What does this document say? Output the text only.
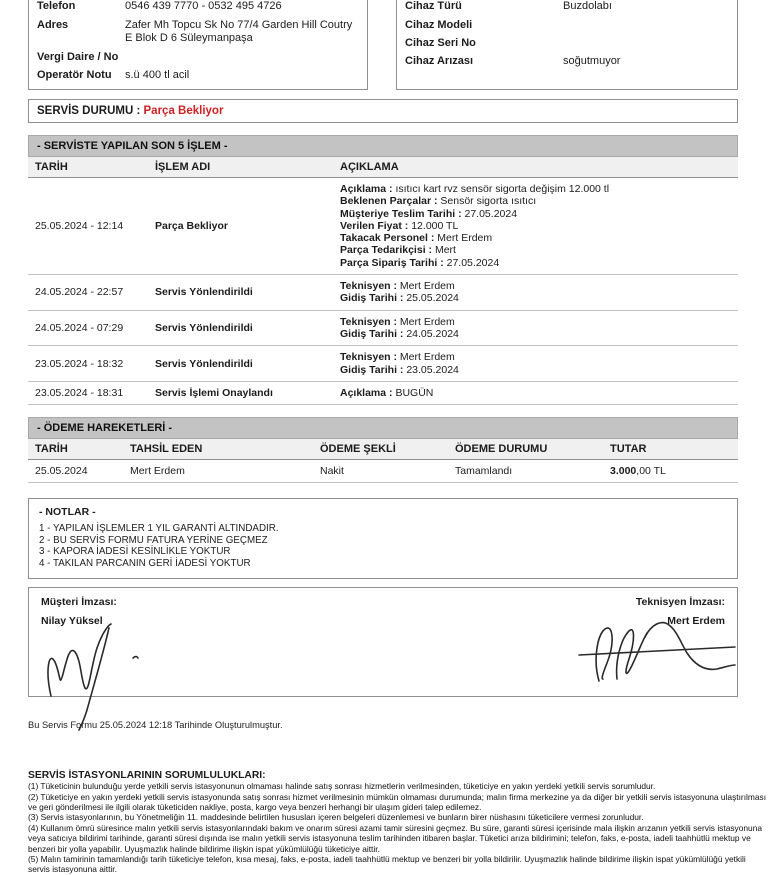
Telefon	0546 439 7770 - 0532 495 4726
Adres	Zafer Mh Topcu Sk No 77/4 Garden Hill Coutry E Blok D 6 Süleymanpaşa
Vergi Daire / No
Operatör Notu	s.ü 400 tl acil
Cihaz Türü	Buzdolabı
Cihaz Modeli
Cihaz Seri No
Cihaz Arızası	soğutmuyor
SERVİS DURUMU : Parça Bekliyor
- SERVİSTE YAPILAN SON 5 İŞLEM -
TARİH	İŞLEM ADI	AÇIKLAMA
25.05.2024 - 12:14	Parça Bekliyor
Açıklama : ısıtıcı kart rvz sensör sigorta değişim 12.000 tl
Beklenen Parçalar : Sensör sigorta ısıtıcı
Müşteriye Teslim Tarihi : 27.05.2024
Verilen Fiyat : 12.000 TL
Takacak Personel : Mert Erdem
Parça Tedarikçisi : Mert
Parça Sipariş Tarihi : 27.05.2024
24.05.2024 - 22:57	Servis Yönlendirildi
Teknisyen : Mert Erdem
Gidiş Tarihi : 25.05.2024
24.05.2024 - 07:29	Servis Yönlendirildi
Teknisyen : Mert Erdem
Gidiş Tarihi : 24.05.2024
23.05.2024 - 18:32	Servis Yönlendirildi
Teknisyen : Mert Erdem
Gidiş Tarihi : 23.05.2024
23.05.2024 - 18:31	Servis İşlemi Onaylandı	Açıklama : BUGÜN
- ÖDEME HAREKETLERİ -
TARİH	TAHSİL EDEN	ÖDEME ŞEKLİ	ÖDEME DURUMU	TUTAR
25.05.2024	Mert Erdem	Nakit	Tamamlandı	3.000,00 TL
- NOTLAR -
1 - YAPILAN İŞLEMLER 1 YIL GARANTİ ALTINDADIR.
2 - BU SERVİS FORMU FATURA YERİNE GEÇMEZ
3 - KAPORA İADESİ KESİNLİKLE YOKTUR
4 - TAKILAN PARCANIN GERİ İADESİ YOKTUR
Müşteri İmzası:
Nilay Yüksel
Teknisyen İmzası:
Mert Erdem
Bu Servis Formu 25.05.2024 12:18 Tarihinde Oluşturulmuştur.
SERVİS İSTASYONLARININ SORUMLULUKLARI:
(1) Tüketicinin bulunduğu yerde yetkili servis istasyonunun olmaması halinde satış sonrası hizmetlerin verilmesinden, tüketiciye en yakın yerdeki yetkili servis sorumludur.
(2) Tüketiciye en yakın yerdeki yetkili servis istasyonunda satış sonrası hizmet verilmesinin mümkün olmaması durumunda; malın firma merkezine ya da diğer bir yetkili servis istasyonuna ulaştırılması ve geri gönderilmesi ile ilgili olarak tüketiciden nakliye, posta, kargo veya benzeri herhangi bir ulaşım gideri talep edilemez.
(3) Servis istasyonlarının, bu Yönetmeliğin 11. maddesinde belirtilen hususları içeren belgeleri düzenlemesi ve bunların birer nüshasını tüketicilere vermesi zorunludur.
(4) Kullanım ömrü süresince malın yetkili servis istasyonlarındaki bakım ve onarım süresi azami tamir süresini geçmez. Bu süre, garanti süresi içerisinde mala ilişkin arızanın yetkili servis istasyonuna veya satıcıya bildirimi tarihinde, garanti süresi dışında ise malın yetkili servis istasyonuna teslim tarihinden itibaren başlar. Tüketici arıza bildirimini; telefon, faks, e-posta, iadeli taahhütlü mektup ve benzeri bir yolla yapabilir. Uyuşmazlık halinde bildirime ilişkin ispat yükümlülüğü tüketiciye aittir.
(5) Malın tamirinin tamamlandığı tarih tüketiciye telefon, kısa mesaj, faks, e-posta, iadeli taahhütlü mektup ve benzeri bir yolla bildirilir. Uyuşmazlık halinde bildirime ilişkin ispat yükümlülüğü yetkili servis istasyonuna aittir.
